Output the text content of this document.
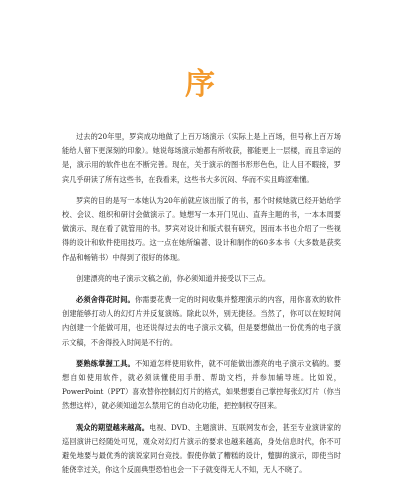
序

过去的20年里，罗宾成功地做了上百万场演示（实际上是上百场，但号称上百万场能给人留下更深刻的印象）。她说每场演示她都有所收获，都能更上一层楼，而且幸运的是，演示用的软件也在不断完善。现在，关于演示的图书形形色色，让人目不暇接，罗宾几乎研读了所有这些书，在我看来，这些书大多沉闷、华而不实且晦涩难懂。

罗宾的目的是写一本她认为20年前就应该出版了的书，那个时候她就已经开始给学校、会议、组织和研讨会做演示了。她想写一本开门见山、直奔主题的书，一本本周要做演示、现在看了就管用的书。罗宾对设计和版式很有研究，因而本书也介绍了一些视得的设计和软件使用技巧。这一点在她所编著、设计和制作的60多本书（大多数是获奖作品和畅销书）中得到了很好的体现。

创建漂亮的电子演示文稿之前，你必须知道并接受以下三点。

必须舍得花时间。你需要花费一定的时间收集并整理演示的内容，用你喜欢的软件创建能够打动人的幻灯片并反复演练。除此以外，别无捷径。当然了，你可以在短时间内创建一个能做可用，也还说得过去的电子演示文稿，但是要想做出一份优秀的电子演示文稿，不舍得投入时间是不行的。

要熟练掌握工具。不知道怎样使用软件，就不可能做出漂亮的电子演示文稿的。要想自如使用软件，就必须读懂使用手册、帮助文档，并参加辅导班。比如说，PowerPoint（PPT）喜欢替你控制幻灯片的格式，如果想要自己掌控每张幻灯片（你当然想这样），就必须知道怎么禁用它的自动化功能，把控制权夺回来。

观众的期望越来越高。电视、DVD、主题演讲、互联网发布会，甚至专业演讲家的巡回演讲已经随处可见，观众对幻灯片演示的要求也越来越高，身处信息时代，你不可避免地要与最优秀的演说家同台竞技。假使你做了糟糕的设计，蹩脚的演示，即使当时能侥幸过关，你这个反面典型恐怕也会一下子就变得无人不知，无人不晓了。
